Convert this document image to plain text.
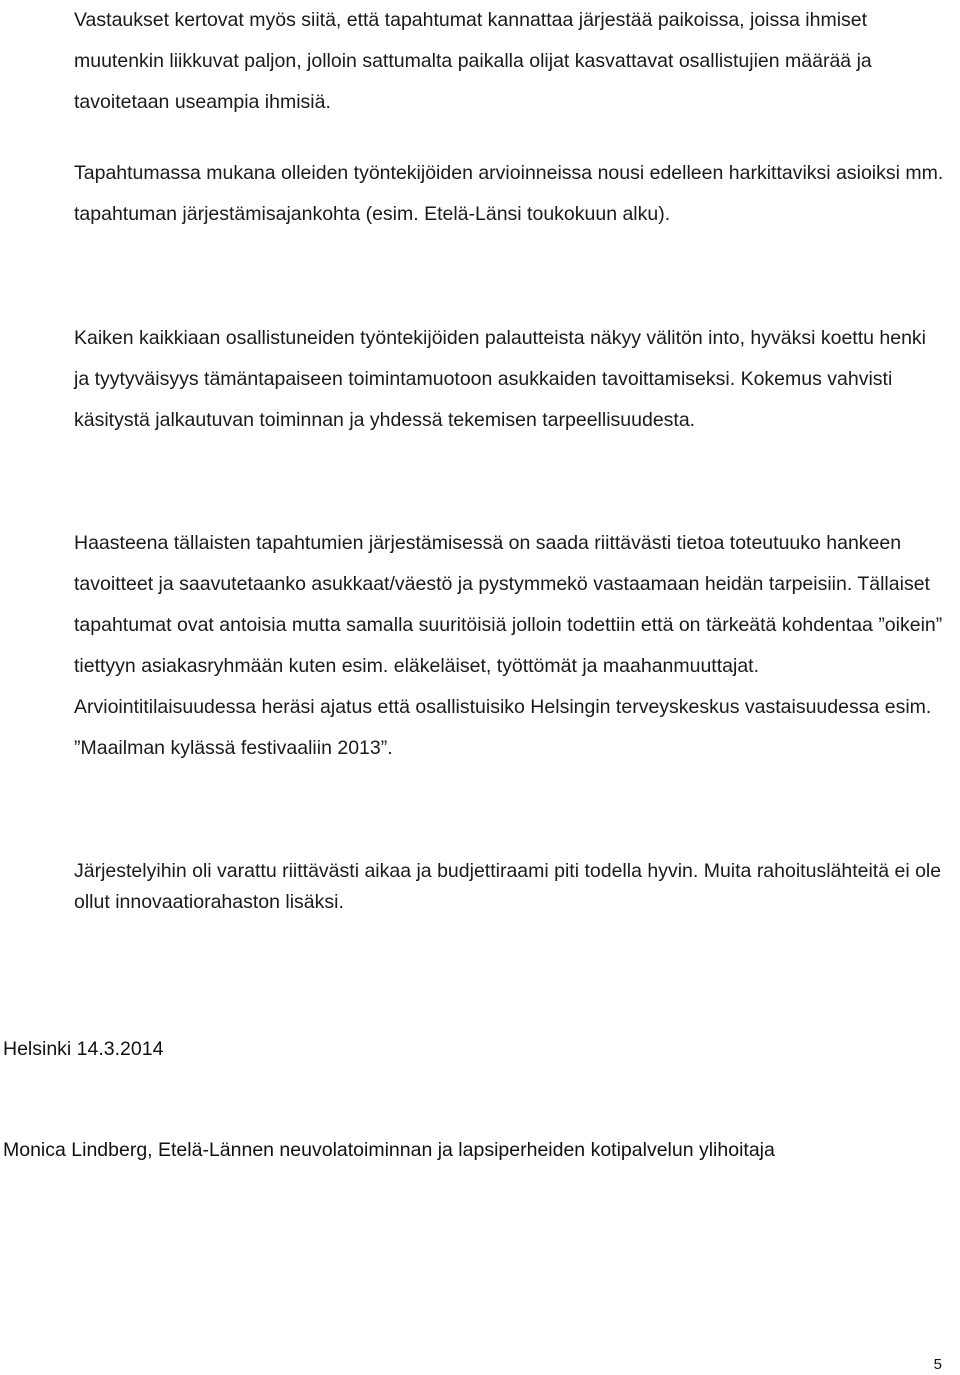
Vastaukset kertovat myös siitä, että tapahtumat kannattaa järjestää paikoissa, joissa ihmiset muutenkin liikkuvat paljon, jolloin sattumalta paikalla olijat kasvattavat osallistujien määrää ja tavoitetaan useampia ihmisiä.

Tapahtumassa mukana olleiden työntekijöiden arvioinneissa nousi edelleen harkittaviksi asioiksi mm. tapahtuman järjestämisajankohta (esim. Etelä-Länsi toukokuun alku).

Kaiken kaikkiaan osallistuneiden työntekijöiden palautteista näkyy välitön into, hyväksi koettu henki ja tyytyväisyys tämäntapaiseen toimintamuotoon asukkaiden tavoittamiseksi. Kokemus vahvisti käsitystä jalkautuvan toiminnan ja yhdessä tekemisen tarpeellisuudesta.

Haasteena tällaisten tapahtumien järjestämisessä on saada riittävästi tietoa toteutuuko hankeen tavoitteet ja saavutetaanko asukkaat/väestö ja pystymmekö vastaamaan heidän tarpeisiin. Tällaiset tapahtumat ovat antoisia mutta samalla suuritöisiä jolloin todettiin että on tärkeätä kohdentaa ”oikein” tiettyyn asiakasryhmään kuten esim. eläkeläiset, työttömät ja maahanmuuttajat. Arviointitilaisuudessa heräsi ajatus että osallistuisiko Helsingin terveyskeskus vastaisuudessa esim. ”Maailman kylässä festivaaliin 2013”.

Järjestelyihin oli varattu riittävästi aikaa ja budjettiraami piti todella hyvin. Muita rahoituslähteitä ei ole ollut innovaatiorahaston lisäksi.

Helsinki 14.3.2014

Monica Lindberg, Etelä-Lännen neuvolatoiminnan ja lapsiperheiden kotipalvelun ylihoitaja

5
